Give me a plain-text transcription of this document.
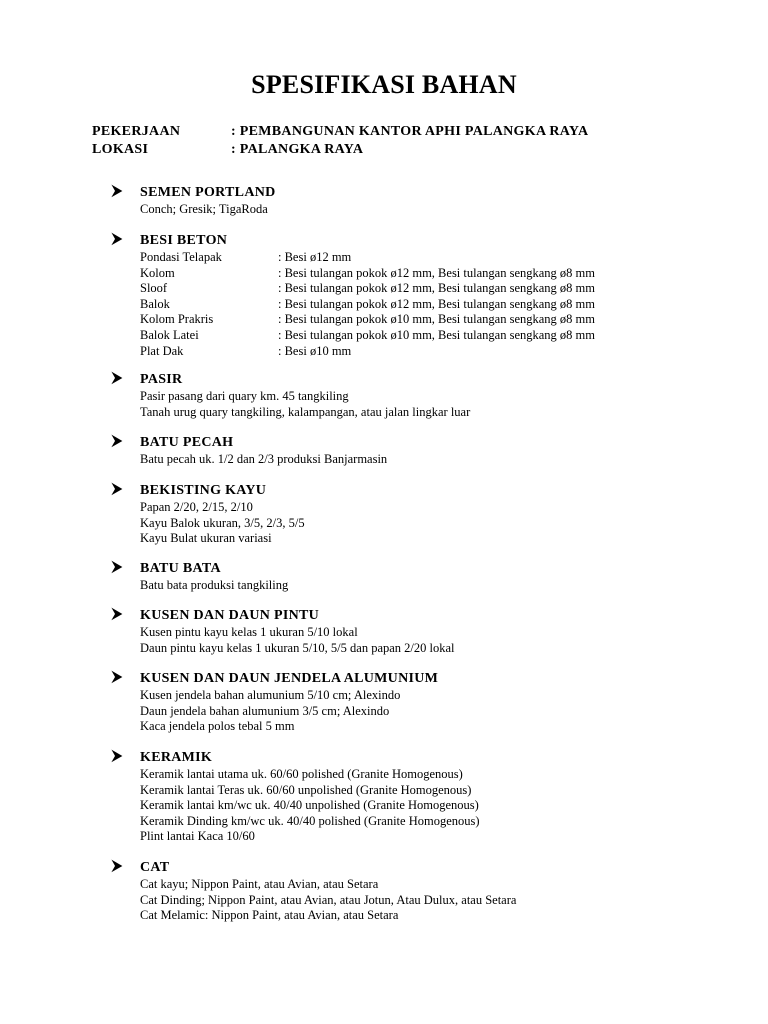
SPESIFIKASI BAHAN
PEKERJAAN	: PEMBANGUNAN KANTOR APHI PALANGKA RAYA
LOKASI	: PALANGKA RAYA
⮞ SEMEN PORTLAND
Conch; Gresik; TigaRoda
⮞ BESI BETON
Pondasi Telapak	: Besi ø12 mm
Kolom	: Besi tulangan pokok ø12 mm, Besi tulangan sengkang ø8 mm
Sloof	: Besi tulangan pokok ø12 mm, Besi tulangan sengkang ø8 mm
Balok	: Besi tulangan pokok ø12 mm, Besi tulangan sengkang ø8 mm
Kolom Prakris	: Besi tulangan pokok ø10 mm, Besi tulangan sengkang ø8 mm
Balok Latei	: Besi tulangan pokok ø10 mm, Besi tulangan sengkang ø8 mm
Plat Dak	: Besi ø10 mm
⮞ PASIR
Pasir pasang dari quary km. 45 tangkiling
Tanah urug quary tangkiling, kalampangan, atau jalan lingkar luar
⮞ BATU PECAH
Batu pecah uk. 1/2 dan 2/3 produksi Banjarmasin
⮞ BEKISTING KAYU
Papan 2/20, 2/15, 2/10
Kayu Balok ukuran, 3/5, 2/3, 5/5
Kayu Bulat ukuran variasi
⮞ BATU BATA
Batu bata produksi tangkiling
⮞ KUSEN DAN DAUN PINTU
Kusen pintu kayu kelas 1 ukuran 5/10 lokal
Daun pintu kayu kelas 1 ukuran 5/10, 5/5 dan papan 2/20 lokal
⮞ KUSEN DAN DAUN JENDELA ALUMUNIUM
Kusen jendela bahan alumunium 5/10 cm; Alexindo
Daun jendela bahan alumunium 3/5 cm; Alexindo
Kaca jendela polos tebal 5 mm
⮞ KERAMIK
Keramik lantai utama uk. 60/60 polished (Granite Homogenous)
Keramik lantai Teras uk. 60/60 unpolished (Granite Homogenous)
Keramik lantai km/wc uk. 40/40 unpolished (Granite Homogenous)
Keramik Dinding km/wc uk. 40/40 polished (Granite Homogenous)
Plint lantai Kaca 10/60
⮞ CAT
Cat kayu; Nippon Paint, atau Avian, atau Setara
Cat Dinding; Nippon Paint, atau Avian, atau Jotun, Atau Dulux, atau Setara
Cat Melamic: Nippon Paint, atau Avian, atau Setara
